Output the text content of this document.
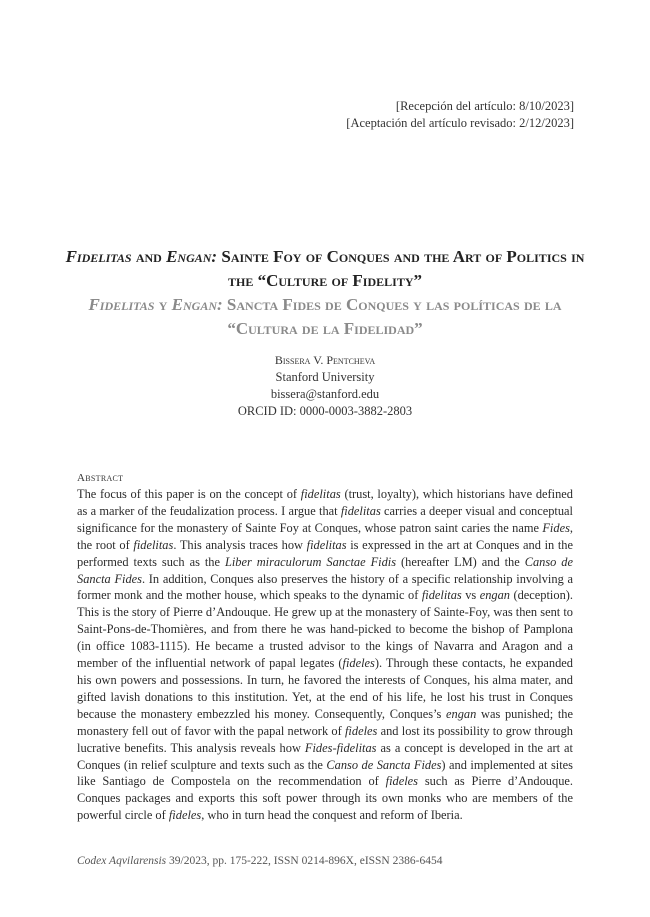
[Recepción del artículo: 8/10/2023]
[Aceptación del artículo revisado: 2/12/2023]
Fidelitas and Engan: Sainte Foy of Conques and the Art of Politics in the “Culture of Fidelity”
Fidelitas y Engan: Sancta Fides de Conques y las políticas de la “Cultura de la Fidelidad”
Bissera V. Pentcheva
Stanford University
bissera@stanford.edu
ORCID ID: 0000-0003-3882-2803
Abstract
The focus of this paper is on the concept of fidelitas (trust, loyalty), which historians have defined as a marker of the feudalization process. I argue that fidelitas carries a deeper visual and conceptual significance for the monastery of Sainte Foy at Conques, whose patron saint caries the name Fides, the root of fidelitas. This analysis traces how fidelitas is expressed in the art at Conques and in the performed texts such as the Liber miraculorum Sanctae Fidis (hereafter LM) and the Canso de Sancta Fides. In addition, Conques also preserves the history of a specific relationship involving a former monk and the mother house, which speaks to the dynamic of fidelitas vs engan (deception). This is the story of Pierre d’Andouque. He grew up at the monastery of Sainte-Foy, was then sent to Saint-Pons-de-Thomières, and from there he was hand-picked to become the bishop of Pamplona (in office 1083-1115). He became a trusted advisor to the kings of Navarra and Aragon and a member of the influential network of papal legates (fideles). Through these contacts, he expanded his own powers and possessions. In turn, he favored the interests of Conques, his alma mater, and gifted lavish donations to this institution. Yet, at the end of his life, he lost his trust in Conques because the monastery embezzled his money. Consequently, Conques’s engan was punished; the monastery fell out of favor with the papal network of fideles and lost its possibility to grow through lucrative benefits. This analysis reveals how Fides-fidelitas as a concept is developed in the art at Conques (in relief sculpture and texts such as the Canso de Sancta Fides) and implemented at sites like Santiago de Compostela on the recommendation of fideles such as Pierre d’Andouque. Conques packages and exports this soft power through its own monks who are members of the powerful circle of fideles, who in turn head the conquest and reform of Iberia.
Codex Aqvilarensis 39/2023, pp. 175-222, ISSN 0214-896X, eISSN 2386-6454
